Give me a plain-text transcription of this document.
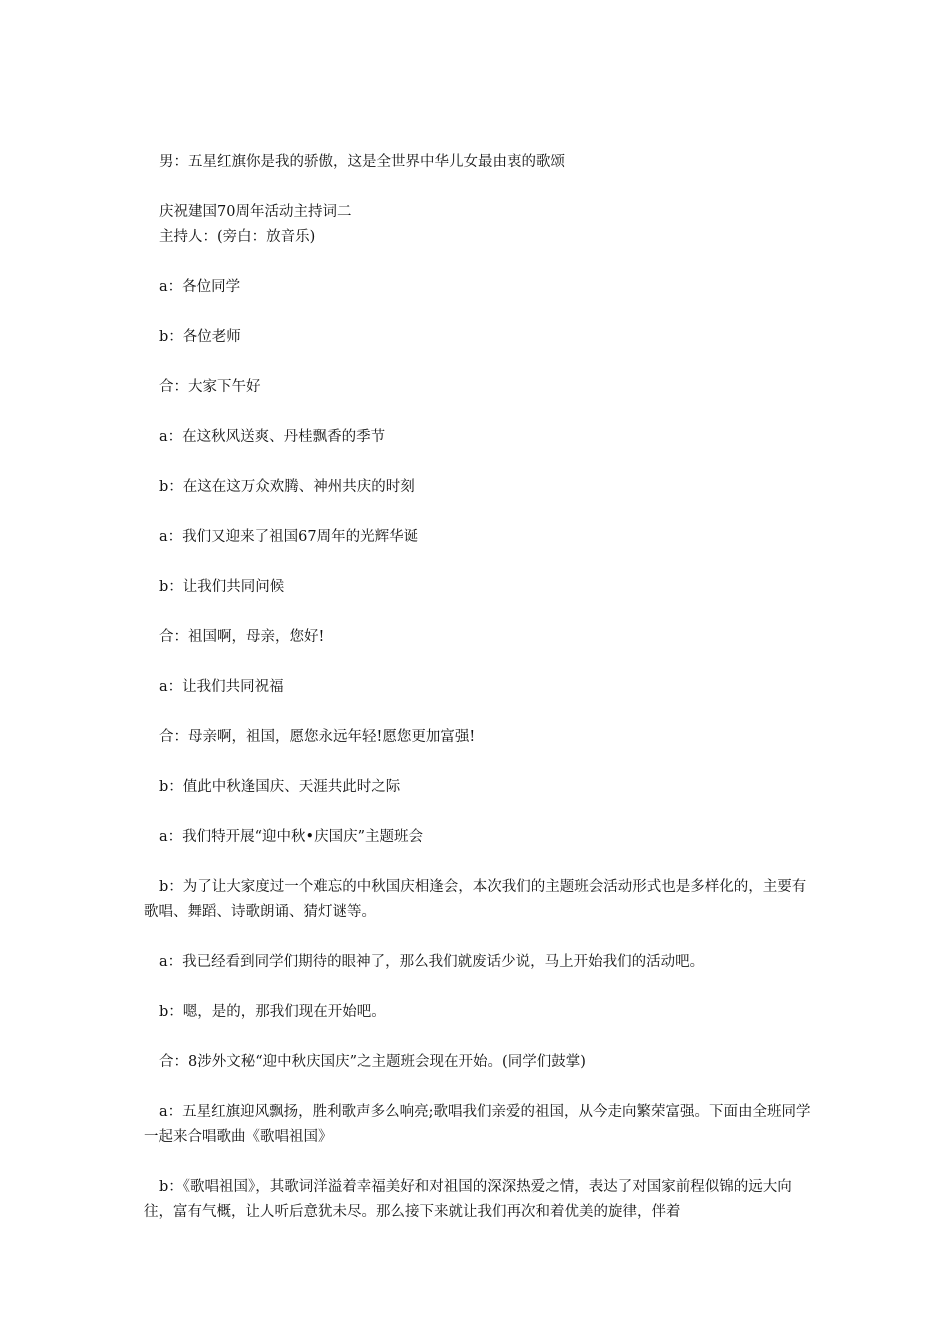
男：五星红旗你是我的骄傲，这是全世界中华儿女最由衷的歌颂

庆祝建国70周年活动主持词二

主持人：(旁白：放音乐)

a：各位同学

b：各位老师

合：大家下午好

a：在这秋风送爽、丹桂飘香的季节

b：在这在这万众欢腾、神州共庆的时刻

a：我们又迎来了祖国67周年的光辉华诞

b：让我们共同问候

合：祖国啊，母亲，您好!

a：让我们共同祝福

合：母亲啊，祖国，愿您永远年轻!愿您更加富强!

b：值此中秋逢国庆、天涯共此时之际

a：我们特开展“迎中秋•庆国庆”主题班会

b：为了让大家度过一个难忘的中秋国庆相逢会，本次我们的主题班会活动形式也是多样化的，主要有歌唱、舞蹈、诗歌朗诵、猜灯谜等。

a：我已经看到同学们期待的眼神了，那么我们就废话少说，马上开始我们的活动吧。

b：嗯，是的，那我们现在开始吧。

合：8涉外文秘“迎中秋庆国庆”之主题班会现在开始。(同学们鼓掌)

a：五星红旗迎风飘扬，胜利歌声多么响亮;歌唱我们亲爱的祖国，从今走向繁荣富强。下面由全班同学一起来合唱歌曲《歌唱祖国》

b：《歌唱祖国》，其歌词洋溢着幸福美好和对祖国的深深热爱之情，表达了对国家前程似锦的远大向往，富有气概，让人听后意犹未尽。那么接下来就让我们再次和着优美的旋律，伴着
